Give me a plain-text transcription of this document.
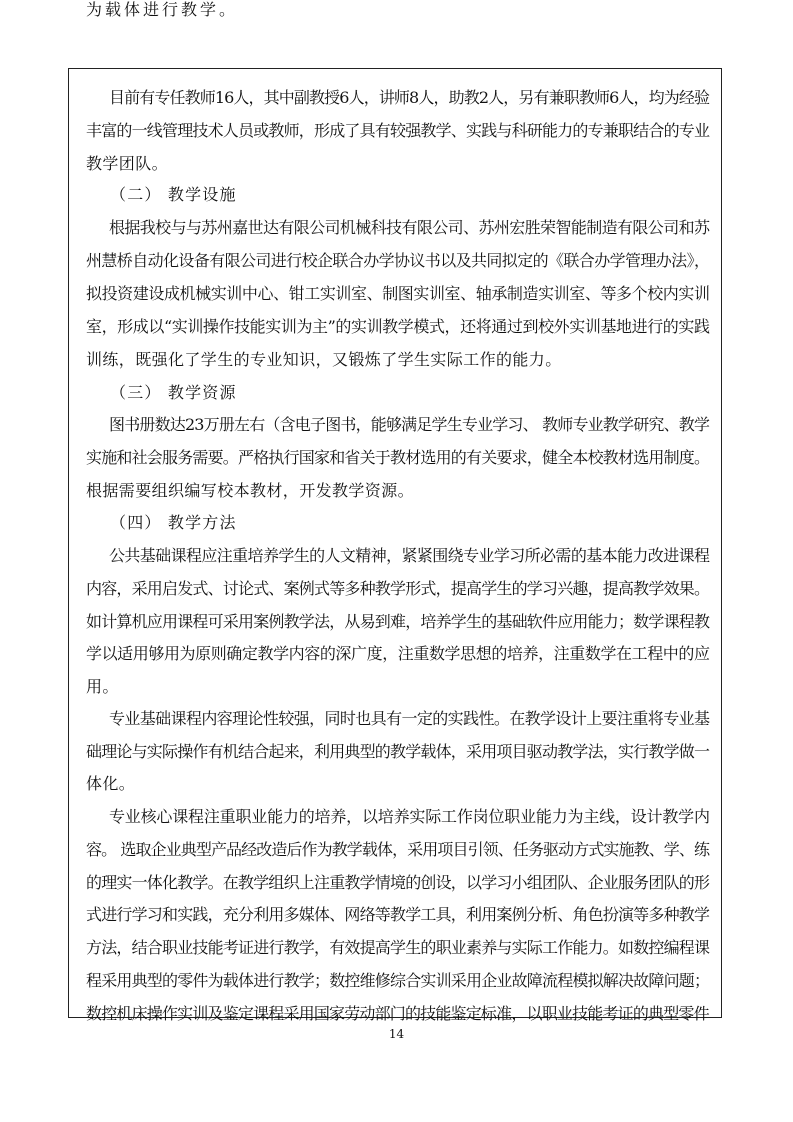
目前有专任教师16人，其中副教授6人，讲师8人，助教2人，另有兼职教师6人，均为经验
丰富的一线管理技术人员或教师，形成了具有较强教学、实践与科研能力的专兼职结合的专业
教学团队。
（二） 教学设施
根据我校与与苏州嘉世达有限公司机械科技有限公司、苏州宏胜荣智能制造有限公司和苏
州慧桥自动化设备有限公司进行校企联合办学协议书以及共同拟定的《联合办学管理办法》，
拟投资建设成机械实训中心、钳工实训室、制图实训室、轴承制造实训室、等多个校内实训
室，形成以“实训操作技能实训为主”的实训教学模式，还将通过到校外实训基地进行的实践
训练，既强化了学生的专业知识，又锻炼了学生实际工作的能力。
（三） 教学资源
图书册数达23万册左右（含电子图书，能够满足学生专业学习、 教师专业教学研究、教学
实施和社会服务需要。严格执行国家和省关于教材选用的有关要求，健全本校教材选用制度。
根据需要组织编写校本教材，开发教学资源。
（四） 教学方法
公共基础课程应注重培养学生的人文精神，紧紧围绕专业学习所必需的基本能力改进课程
内容，采用启发式、讨论式、案例式等多种教学形式，提高学生的学习兴趣，提高教学效果。
如计算机应用课程可采用案例教学法，从易到难，培养学生的基础软件应用能力；数学课程教
学以适用够用为原则确定教学内容的深广度，注重数学思想的培养，注重数学在工程中的应
用。
专业基础课程内容理论性较强，同时也具有一定的实践性。在教学设计上要注重将专业基
础理论与实际操作有机结合起来，利用典型的教学载体，采用项目驱动教学法，实行教学做一
体化。
专业核心课程注重职业能力的培养，以培养实际工作岗位职业能力为主线，设计教学内
容。 选取企业典型产品经改造后作为教学载体，采用项目引领、任务驱动方式实施教、学、练
的理实一体化教学。在教学组织上注重教学情境的创设，以学习小组团队、企业服务团队的形
式进行学习和实践，充分利用多媒体、网络等教学工具，利用案例分析、角色扮演等多种教学
方法，结合职业技能考证进行教学，有效提高学生的职业素养与实际工作能力。如数控编程课
程采用典型的零件为载体进行教学；数控维修综合实训采用企业故障流程模拟解决故障问题；
数控机床操作实训及鉴定课程采用国家劳动部门的技能鉴定标准，以职业技能考证的典型零件
为载体进行教学。
14
